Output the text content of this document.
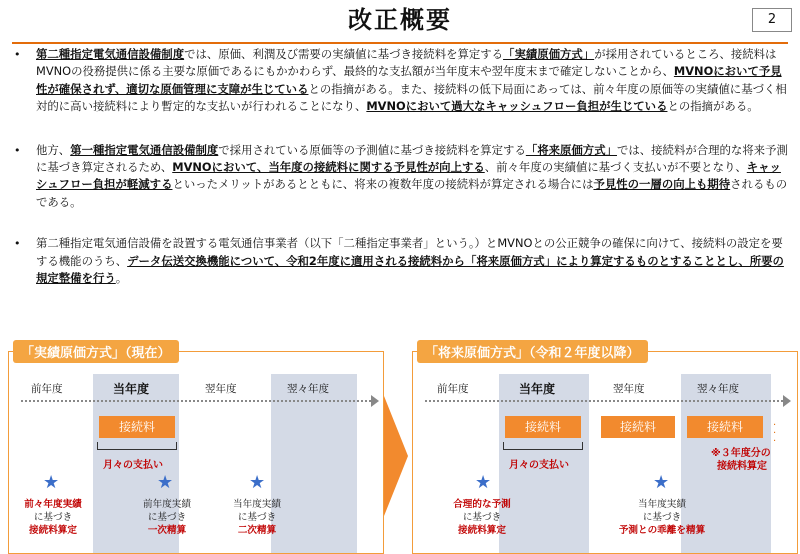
改正概要	2
• 第二種指定電気通信設備制度では、原価、利潤及び需要の実績値に基づき接続料を算定する「実績原価方式」が採用されているところ、接続料はMVNOの役務提供に係る主要な原価であるにもかかわらず、最終的な支払額が当年度末や翌年度末まで確定しないことから、MVNOにおいて予見性が確保されず、適切な原価管理に支障が生じているとの指摘がある。また、接続料の低下局面にあっては、前々年度の原価等の実績値に基づく相対的に高い接続料により暫定的な支払いが行われることになり、MVNOにおいて過大なキャッシュフロー負担が生じているとの指摘がある。
• 他方、第一種指定電気通信設備制度で採用されている原価等の予測値に基づき接続料を算定する「将来原価方式」では、接続料が合理的な将来予測に基づき算定されるため、MVNOにおいて、当年度の接続料に関する予見性が向上する、前々年度の実績値に基づく支払いが不要となり、キャッシュフロー負担が軽減するといったメリットがあるとともに、将来の複数年度の接続料が算定される場合には予見性の一層の向上も期待されるものである。
• 第二種指定電気通信設備を設置する電気通信事業者（以下「二種指定事業者」という。）とMVNOとの公正競争の確保に向けて、接続料の設定を要する機能のうち、データ伝送交換機能について、令和2年度に適用される接続料から「将来原価方式」により算定するものとすることとし、所要の規定整備を行う。
「実績原価方式」（現在）
前年度	当年度	翌年度	翌々年度
接続料
月々の支払い
★	★	★
前々年度実績
に基づき
接続料算定
前年度実績
に基づき
一次精算
当年度実績
に基づき
二次精算
「将来原価方式」（令和２年度以降）
前年度	当年度	翌年度	翌々年度
接続料	接続料	接続料	·
·
·
月々の支払い
※３年度分の
接続料算定
★	★
合理的な予測
に基づき
接続料算定
当年度実績
に基づき
予測との乖離を精算
